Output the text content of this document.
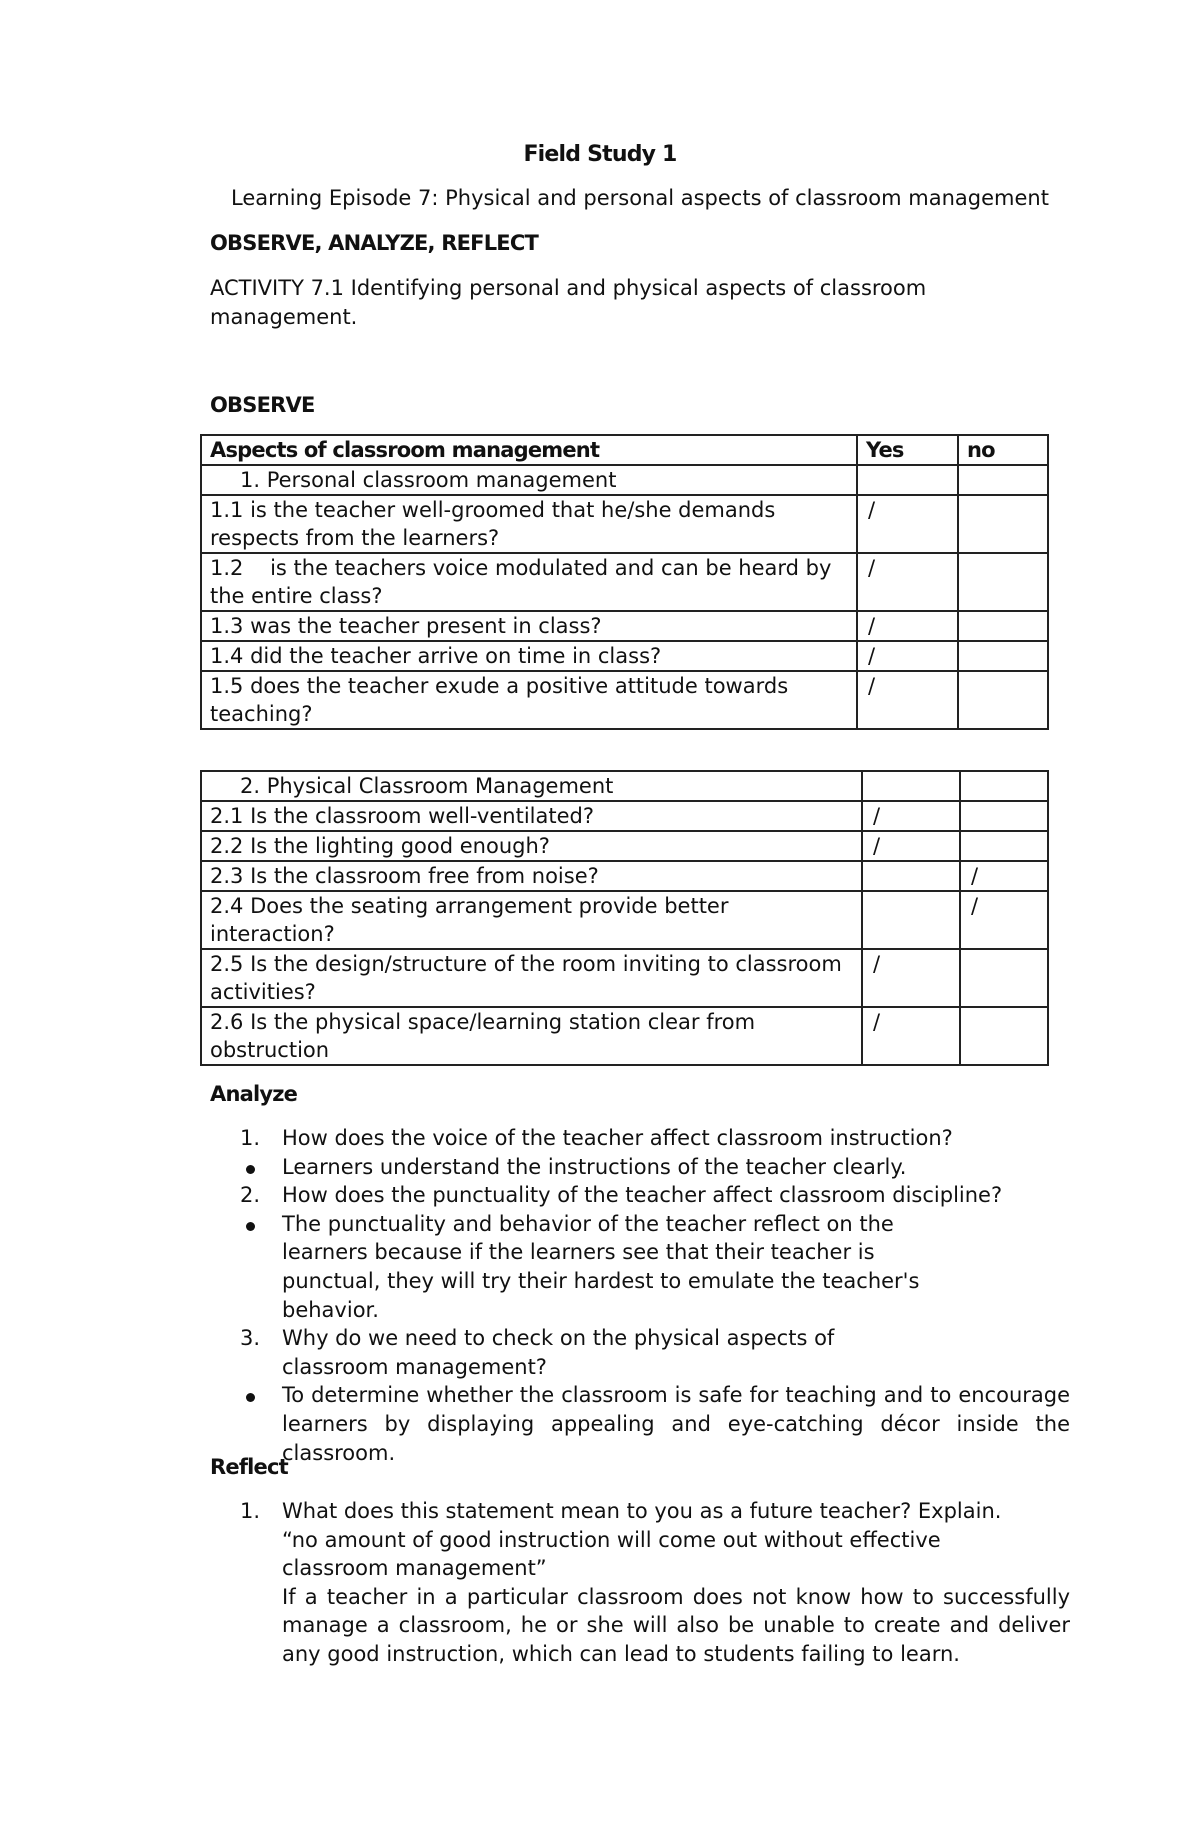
Field Study 1
Learning Episode 7: Physical and personal aspects of classroom management
OBSERVE, ANALYZE, REFLECT
ACTIVITY 7.1 Identifying personal and physical aspects of classroom
management.
OBSERVE
Aspects of classroom management	Yes	no
1. Personal classroom management		
1.1 is the teacher well-groomed that he/she demands respects from the learners?	/	
1.2    is the teachers voice modulated and can be heard by the entire class?	/	
1.3 was the teacher present in class?	/	
1.4 did the teacher arrive on time in class?	/	
1.5 does the teacher exude a positive attitude towards teaching?	/	
2. Physical Classroom Management		
2.1 Is the classroom well-ventilated?	/	
2.2 Is the lighting good enough?	/	
2.3 Is the classroom free from noise?		/
2.4 Does the seating arrangement provide better interaction?		/
2.5 Is the design/structure of the room inviting to classroom activities?	/	
2.6 Is the physical space/learning station clear from obstruction	/	
Analyze
1.	How does the voice of the teacher affect classroom instruction?
Learners understand the instructions of the teacher clearly.
2.	How does the punctuality of the teacher affect classroom discipline?
The punctuality and behavior of the teacher reflect on the learners because if the learners see that their teacher is punctual, they will try their hardest to emulate the teacher's behavior.
3.	Why do we need to check on the physical aspects of classroom management?
To determine whether the classroom is safe for teaching and to encourage learners by displaying appealing and eye-catching décor inside the classroom.
Reflect
1.	What does this statement mean to you as a future teacher? Explain. “no amount of good instruction will come out without effective classroom management”
If a teacher in a particular classroom does not know how to successfully manage a classroom, he or she will also be unable to create and deliver any good instruction, which can lead to students failing to learn.
